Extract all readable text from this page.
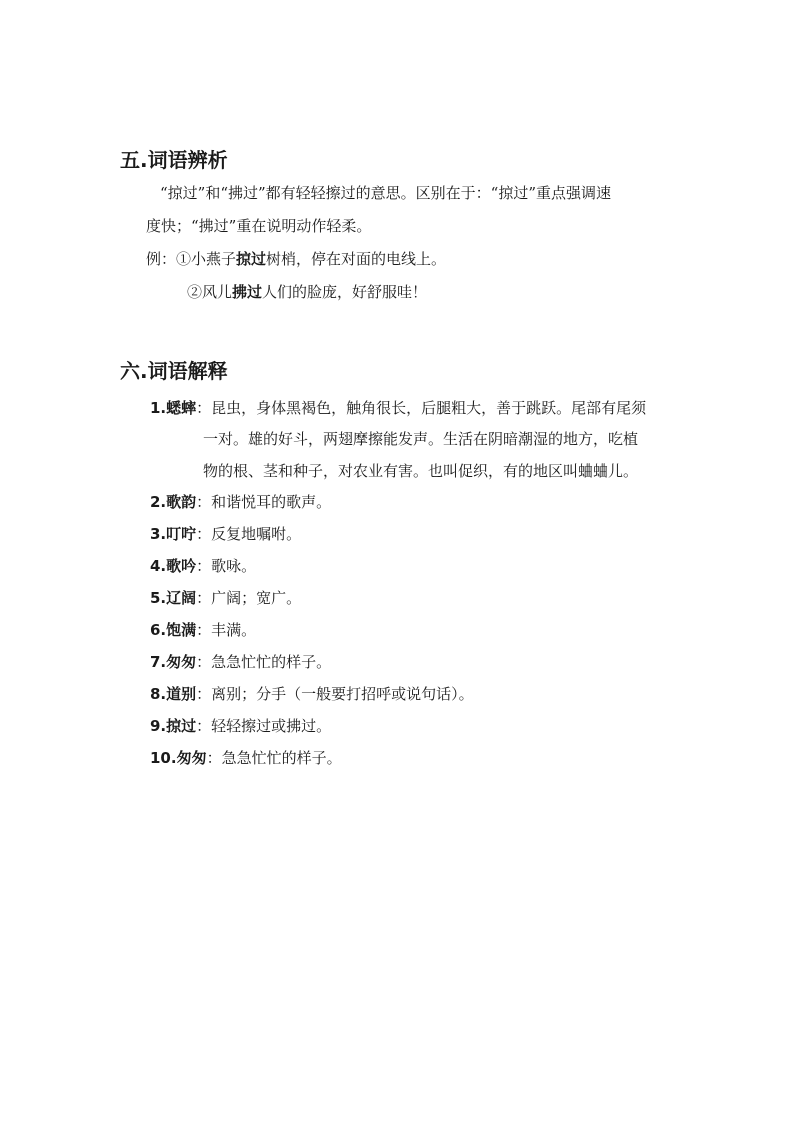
五.词语辨析
“掠过”和“拂过”都有轻轻擦过的意思。区别在于：“掠过”重点强调速
度快；“拂过”重在说明动作轻柔。
例：①小燕子掠过树梢，停在对面的电线上。
②风儿拂过人们的脸庞，好舒服哇！
六.词语解释
1.蟋蟀：昆虫，身体黑褐色，触角很长，后腿粗大，善于跳跃。尾部有尾须
一对。雄的好斗，两翅摩擦能发声。生活在阴暗潮湿的地方，吃植
物的根、茎和种子，对农业有害。也叫促织，有的地区叫蛐蛐儿。
2.歌韵：和谐悦耳的歌声。
3.叮咛：反复地嘱咐。
4.歌吟：歌咏。
5.辽阔：广阔；宽广。
6.饱满：丰满。
7.匆匆：急急忙忙的样子。
8.道别：离别；分手（一般要打招呼或说句话）。
9.掠过：轻轻擦过或拂过。
10.匆匆：急急忙忙的样子。
